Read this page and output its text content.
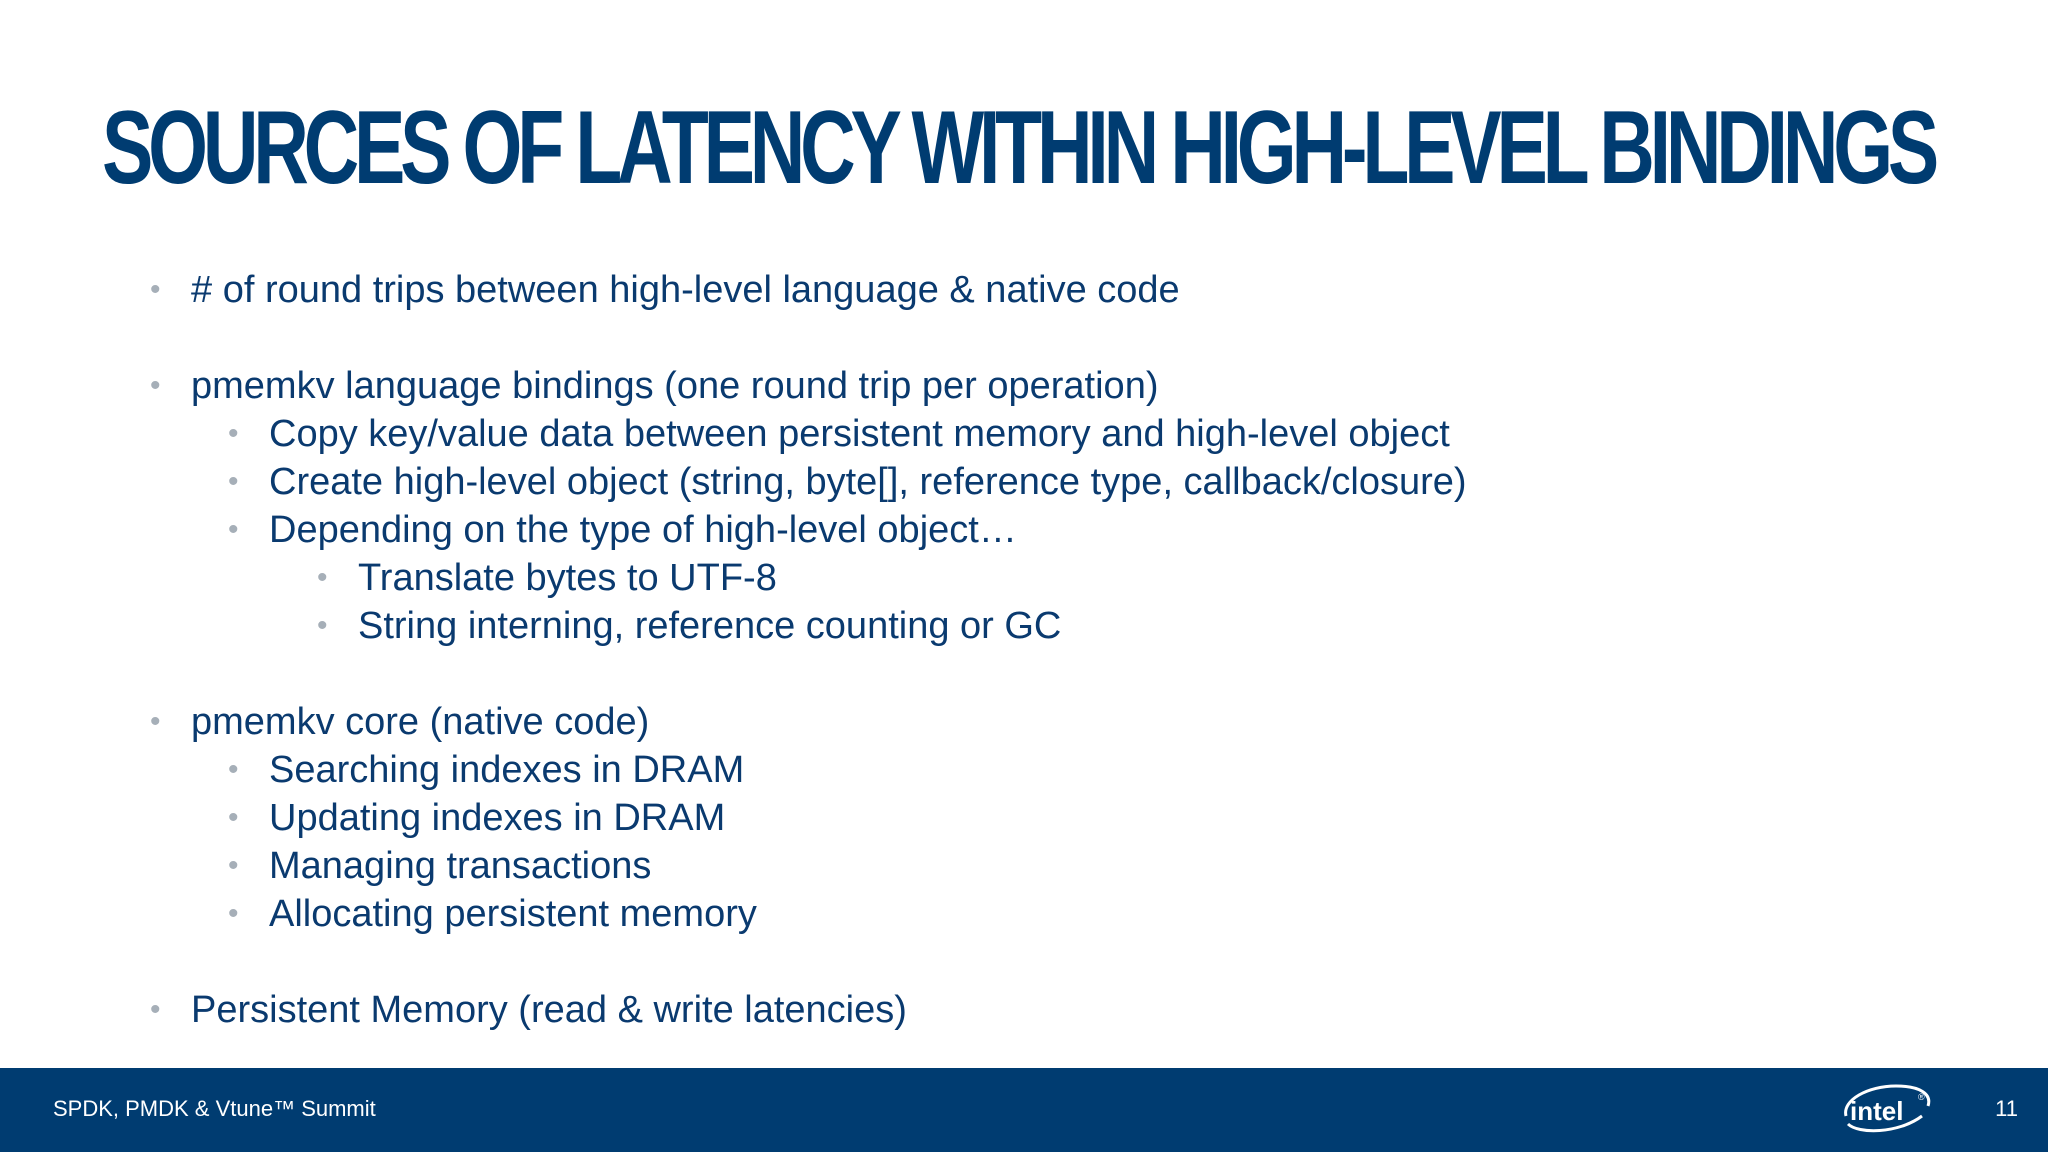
SOURCES OF LATENCY WITHIN HIGH-LEVEL BINDINGS
• # of round trips between high-level language & native code
• pmemkv language bindings (one round trip per operation)
• Copy key/value data between persistent memory and high-level object
• Create high-level object (string, byte[], reference type, callback/closure)
• Depending on the type of high-level object…
• Translate bytes to UTF-8
• String interning, reference counting or GC
• pmemkv core (native code)
• Searching indexes in DRAM
• Updating indexes in DRAM
• Managing transactions
• Allocating persistent memory
• Persistent Memory (read & write latencies)
SPDK, PMDK & Vtune™ Summit	intel ®	11
